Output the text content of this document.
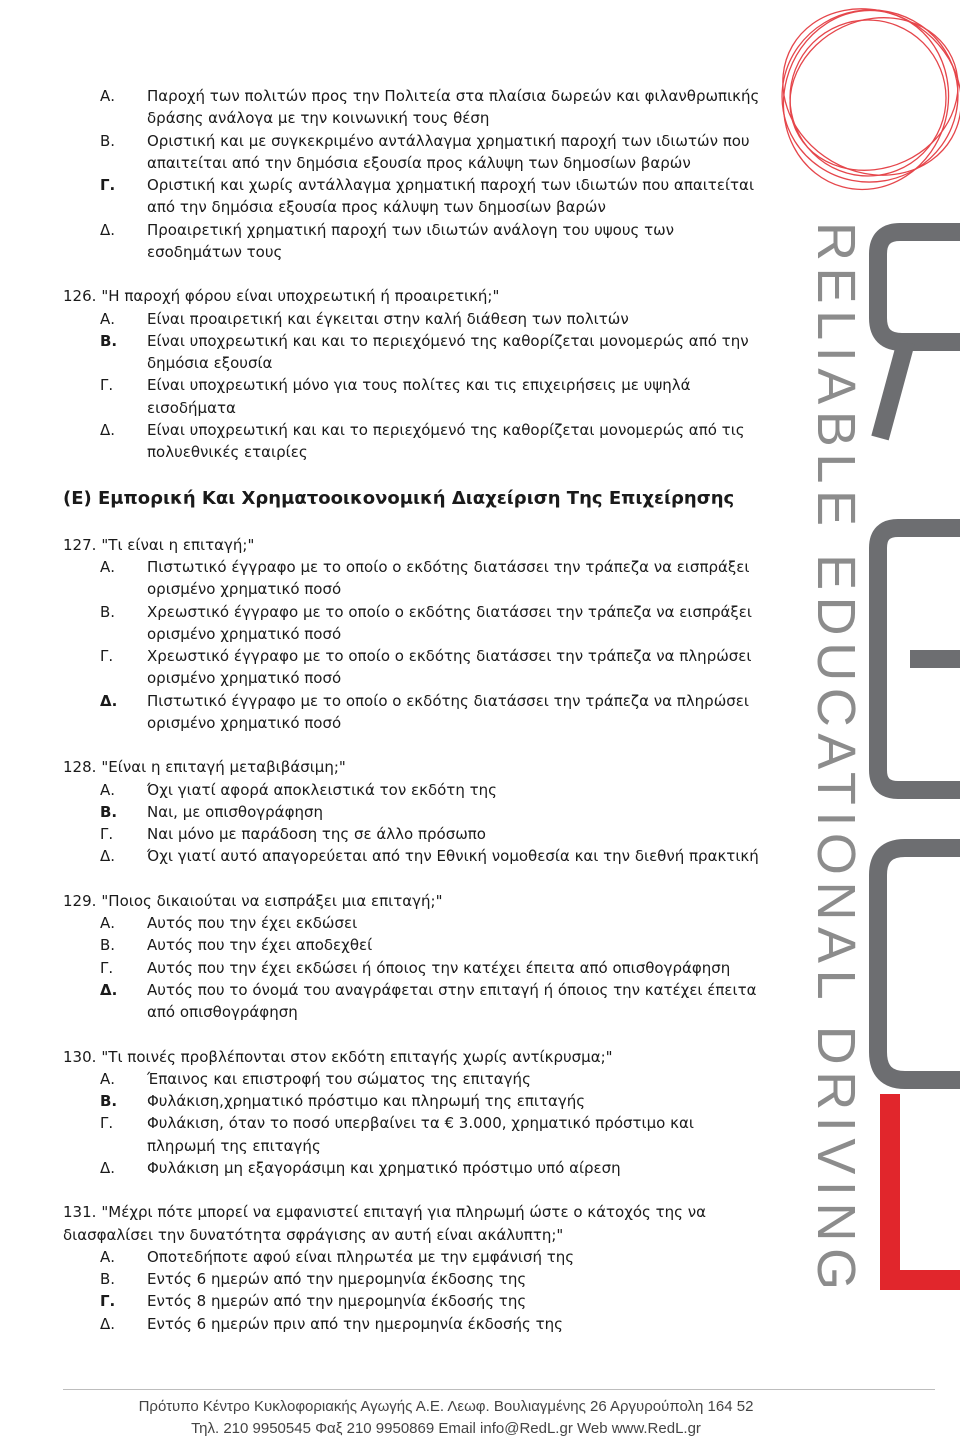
RELIABLE EDUCATIONAL DRIVING
Α. Παροχή των πολιτών προς την Πολιτεία στα πλαίσια δωρεών και φιλανθρωπικής
δράσης ανάλογα με την κοινωνική τους θέση
Β. Οριστική και με συγκεκριμένο αντάλλαγμα χρηματική παροχή των ιδιωτών που
απαιτείται από την δημόσια εξουσία προς κάλυψη των δημοσίων βαρών
Γ. Οριστική και χωρίς αντάλλαγμα χρηματική παροχή των ιδιωτών που απαιτείται
από την δημόσια εξουσία προς κάλυψη των δημοσίων βαρών
Δ. Προαιρετική χρηματική παροχή των ιδιωτών ανάλογη του υψους των
εσοδημάτων τους
126. "Η παροχή φόρου είναι υποχρεωτική ή προαιρετική;"
Α. Είναι προαιρετική και έγκειται στην καλή διάθεση των πολιτών
Β. Είναι υποχρεωτική και και το περιεχόμενό της καθορίζεται μονομερώς από την
δημόσια εξουσία
Γ. Είναι υποχρεωτική μόνο για τους πολίτες και τις επιχειρήσεις με υψηλά
εισοδήματα
Δ. Είναι υποχρεωτική και και το περιεχόμενό της καθορίζεται μονομερώς από τις
πολυεθνικές εταιρίες
(Ε) Εμπορική Και Χρηματοοικονομική Διαχείριση Της Επιχείρησης
127. "Τι είναι η επιταγή;"
Α. Πιστωτικό έγγραφο με το οποίο ο εκδότης διατάσσει την τράπεζα να εισπράξει
ορισμένο χρηματικό ποσό
Β. Χρεωστικό έγγραφο με το οποίο ο εκδότης διατάσσει την τράπεζα να εισπράξει
ορισμένο χρηματικό ποσό
Γ. Χρεωστικό έγγραφο με το οποίο ο εκδότης διατάσσει την τράπεζα να πληρώσει
ορισμένο χρηματικό ποσό
Δ. Πιστωτικό έγγραφο με το οποίο ο εκδότης διατάσσει την τράπεζα να πληρώσει
ορισμένο χρηματικό ποσό
128. "Είναι η επιταγή μεταβιβάσιμη;"
Α. Όχι γιατί αφορά αποκλειστικά τον εκδότη της
Β. Ναι, με οπισθογράφηση
Γ. Ναι μόνο με παράδοση της σε άλλο πρόσωπο
Δ. Όχι γιατί αυτό απαγορεύεται από την Εθνική νομοθεσία και την διεθνή πρακτική
129. "Ποιος δικαιούται να εισπράξει μια επιταγή;"
Α. Αυτός που την έχει εκδώσει
Β. Αυτός που την έχει αποδεχθεί
Γ. Αυτός που την έχει εκδώσει ή όποιος την κατέχει έπειτα από οπισθογράφηση
Δ. Αυτός που το όνομά του αναγράφεται στην επιταγή ή όποιος την κατέχει έπειτα
από οπισθογράφηση
130. "Τι ποινές προβλέπονται στον εκδότη επιταγής χωρίς αντίκρυσμα;"
Α. Έπαινος και επιστροφή του σώματος της επιταγής
Β. Φυλάκιση,χρηματικό πρόστιμο και πληρωμή της επιταγής
Γ. Φυλάκιση, όταν το ποσό υπερβαίνει τα € 3.000, χρηματικό πρόστιμο και
πληρωμή της επιταγής
Δ. Φυλάκιση μη εξαγοράσιμη και χρηματικό πρόστιμο υπό αίρεση
131. "Μέχρι πότε μπορεί να εμφανιστεί επιταγή για πληρωμή ώστε ο κάτοχός της να
διασφαλίσει την δυνατότητα σφράγισης αν αυτή είναι ακάλυπτη;"
Α. Οποτεδήποτε αφού είναι πληρωτέα με την εμφάνισή της
Β. Εντός 6 ημερών από την ημερομηνία έκδοσης της
Γ. Εντός 8 ημερών από την ημερομηνία έκδοσής της
Δ. Εντός 6 ημερών πριν από την ημερομηνία έκδοσής της
Πρότυπο Κέντρο Κυκλοφοριακής Αγωγής Α.Ε. Λεωφ. Βουλιαγμένης 26 Αργυρούπολη 164 52
Τηλ. 210 9950545 Φαξ 210 9950869 Email info@RedL.gr Web www.RedL.gr
